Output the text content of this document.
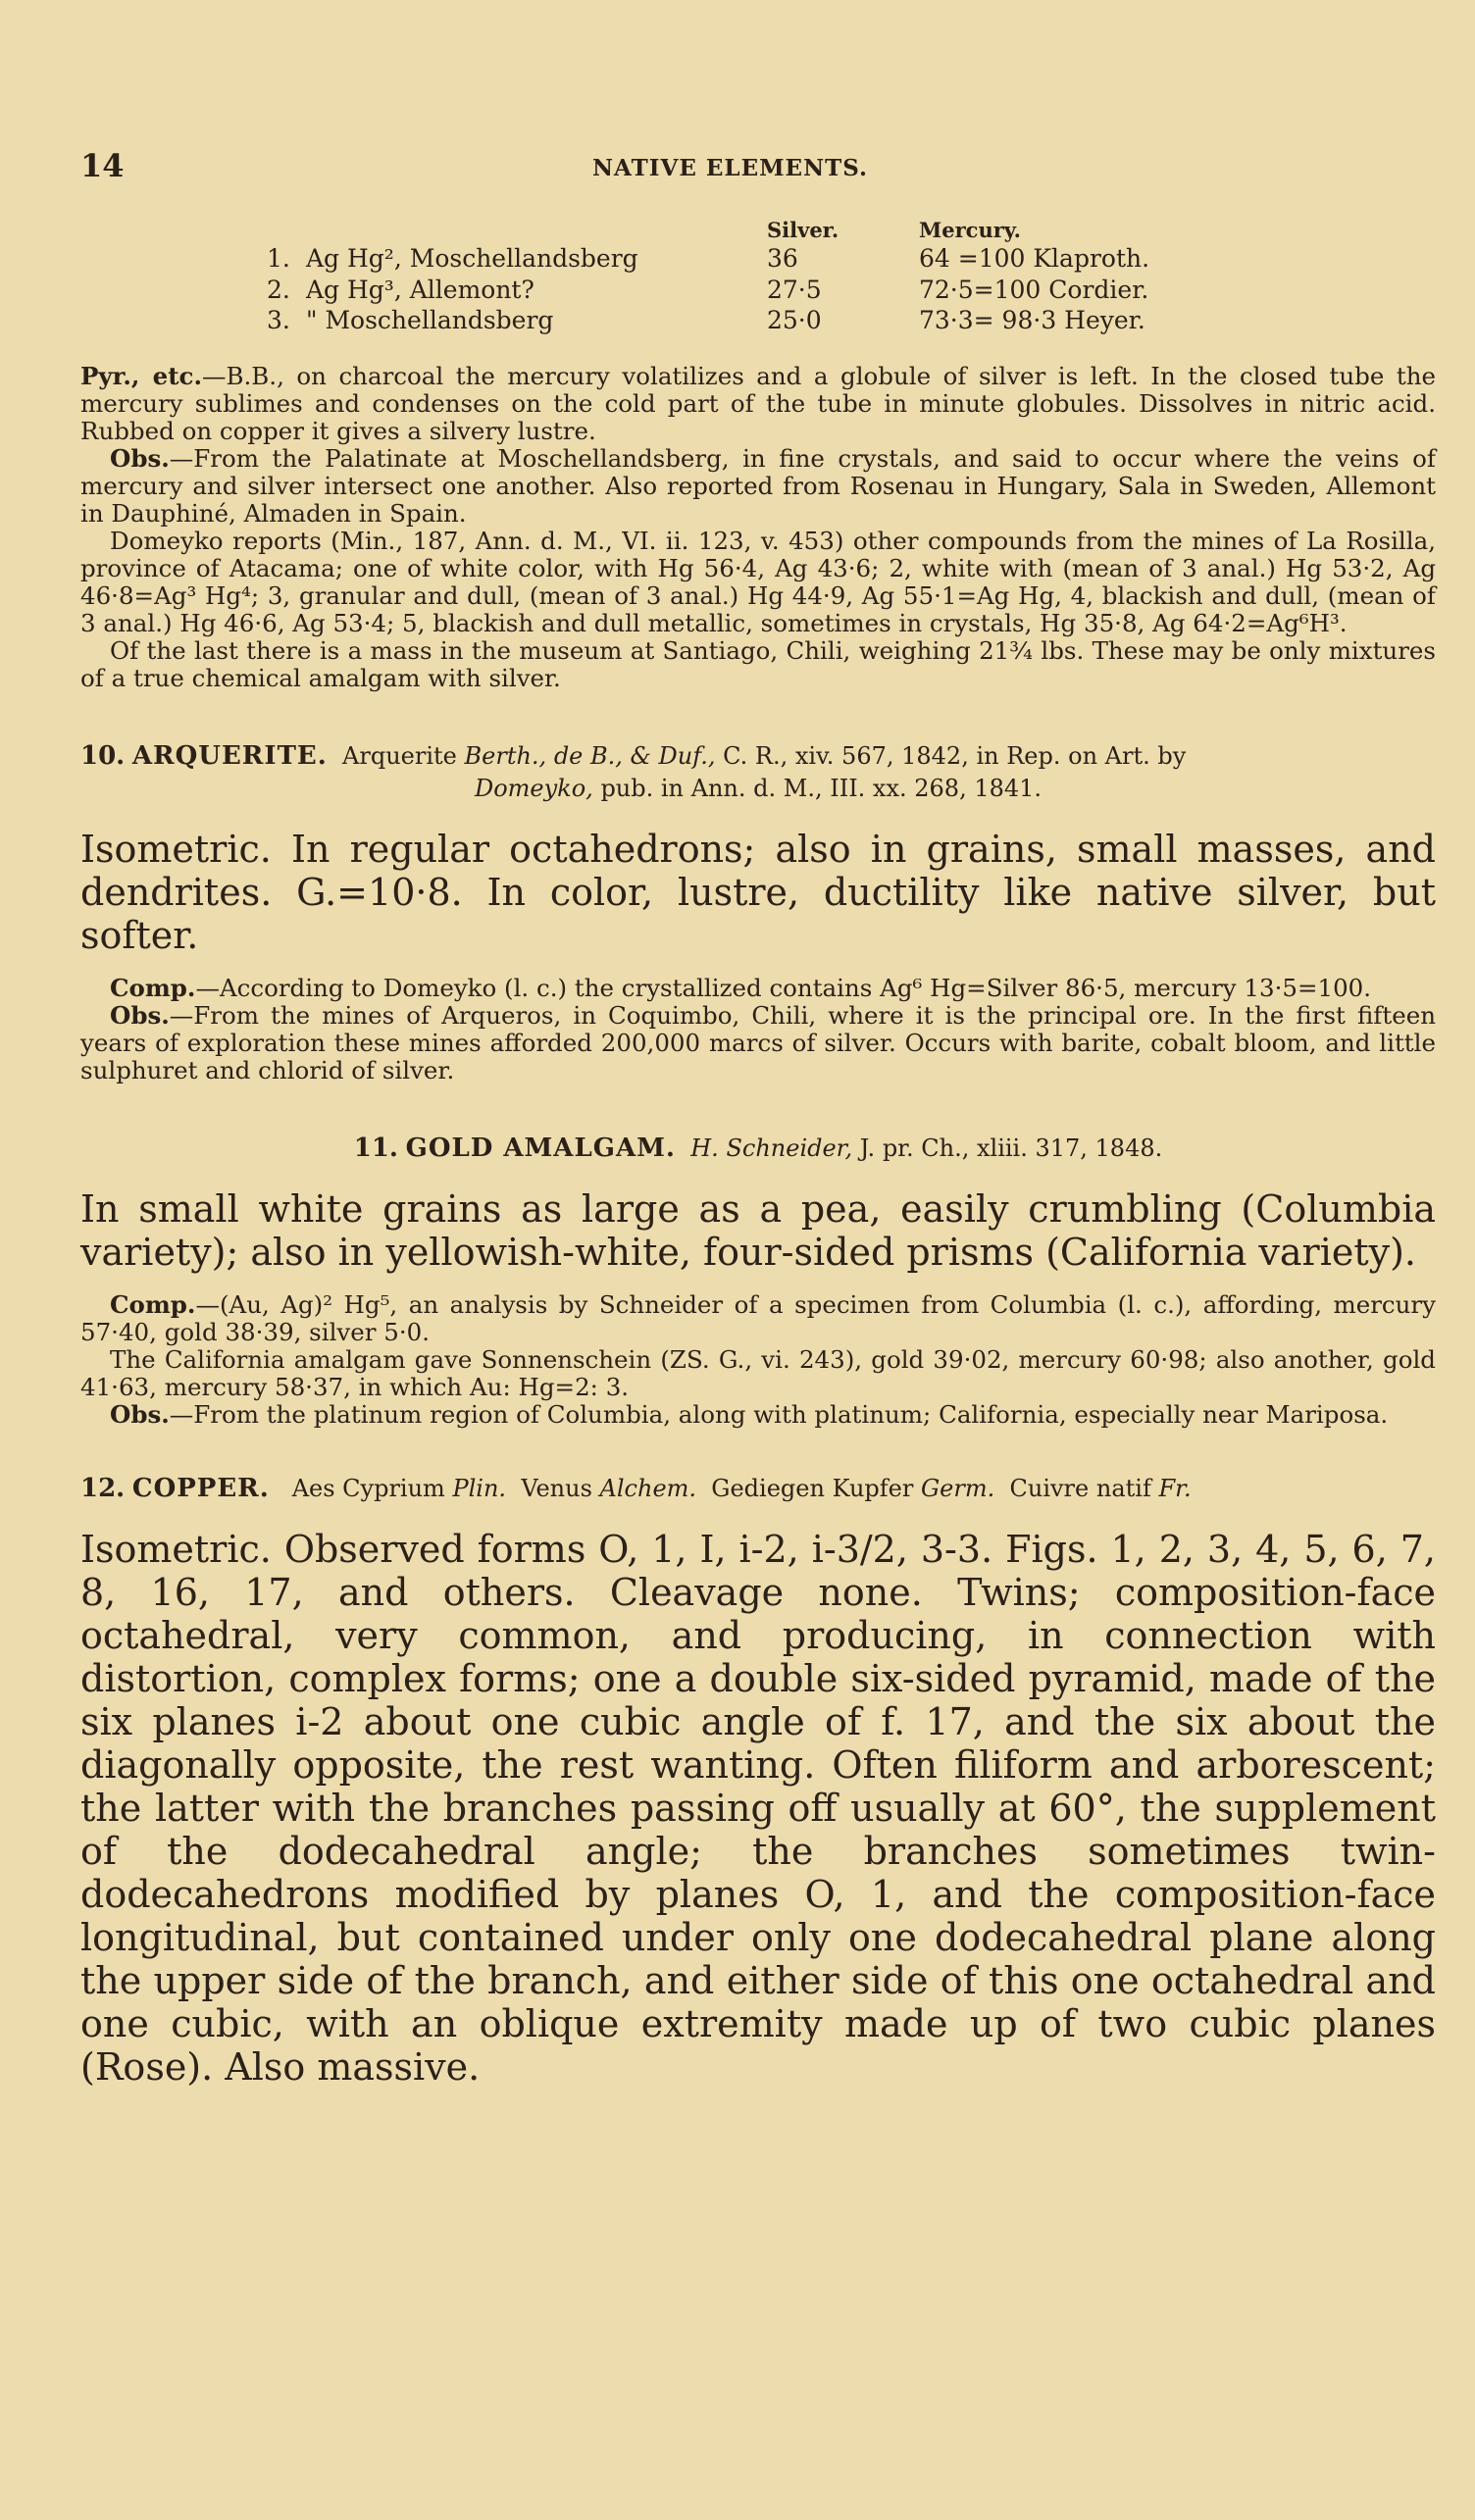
14	NATIVE ELEMENTS.
		Silver.	Mercury.
1.	Ag Hg², Moschellandsberg	36	64 =100 Klaproth.
2.	Ag Hg³, Allemont?	27·5	72·5=100 Cordier.
3.	" Moschellandsberg	25·0	73·3= 98·3 Heyer.

Pyr., etc.—B.B., on charcoal the mercury volatilizes and a globule of silver is left. In the closed tube the mercury sublimes and condenses on the cold part of the tube in minute globules. Dissolves in nitric acid. Rubbed on copper it gives a silvery lustre.

Obs.—From the Palatinate at Moschellandsberg, in fine crystals, and said to occur where the veins of mercury and silver intersect one another. Also reported from Rosenau in Hungary, Sala in Sweden, Allemont in Dauphiné, Almaden in Spain.

Domeyko reports (Min., 187, Ann. d. M., VI. ii. 123, v. 453) other compounds from the mines of La Rosilla, province of Atacama; one of white color, with Hg 56·4, Ag 43·6; 2, white with (mean of 3 anal.) Hg 53·2, Ag 46·8=Ag³ Hg⁴; 3, granular and dull, (mean of 3 anal.) Hg 44·9, Ag 55·1=Ag Hg, 4, blackish and dull, (mean of 3 anal.) Hg 46·6, Ag 53·4; 5, blackish and dull metallic, sometimes in crystals, Hg 35·8, Ag 64·2=Ag⁶H³.

Of the last there is a mass in the museum at Santiago, Chili, weighing 21¾ lbs. These may be only mixtures of a true chemical amalgam with silver.

10. ARQUERITE. Arquerite Berth., de B., & Duf., C. R., xiv. 567, 1842, in Rep. on Art. by
Domeyko, pub. in Ann. d. M., III. xx. 268, 1841.

Isometric. In regular octahedrons; also in grains, small masses, and dendrites. G.=10·8. In color, lustre, ductility like native silver, but softer.

Comp.—According to Domeyko (l. c.) the crystallized contains Ag⁶ Hg=Silver 86·5, mercury 13·5=100.

Obs.—From the mines of Arqueros, in Coquimbo, Chili, where it is the principal ore. In the first fifteen years of exploration these mines afforded 200,000 marcs of silver. Occurs with barite, cobalt bloom, and little sulphuret and chlorid of silver.

11. GOLD AMALGAM. H. Schneider, J. pr. Ch., xliii. 317, 1848.

In small white grains as large as a pea, easily crumbling (Columbia variety); also in yellowish-white, four-sided prisms (California variety).

Comp.—(Au, Ag)² Hg⁵, an analysis by Schneider of a specimen from Columbia (l. c.), affording, mercury 57·40, gold 38·39, silver 5·0.

The California amalgam gave Sonnenschein (ZS. G., vi. 243), gold 39·02, mercury 60·98; also another, gold 41·63, mercury 58·37, in which Au: Hg=2: 3.

Obs.—From the platinum region of Columbia, along with platinum; California, especially near Mariposa.

12. COPPER. Aes Cyprium Plin. Venus Alchem. Gediegen Kupfer Germ. Cuivre natif Fr.

Isometric. Observed forms O, 1, I, i-2, i-3/2, 3-3. Figs. 1, 2, 3, 4, 5, 6, 7, 8, 16, 17, and others. Cleavage none. Twins; composition-face octahedral, very common, and producing, in connection with distortion, complex forms; one a double six-sided pyramid, made of the six planes i-2 about one cubic angle of f. 17, and the six about the diagonally opposite, the rest wanting. Often filiform and arborescent; the latter with the branches passing off usually at 60°, the supplement of the dodecahedral angle; the branches sometimes twin-dodecahedrons modified by planes O, 1, and the composition-face longitudinal, but contained under only one dodecahedral plane along the upper side of the branch, and either side of this one octahedral and one cubic, with an oblique extremity made up of two cubic planes (Rose). Also massive.
